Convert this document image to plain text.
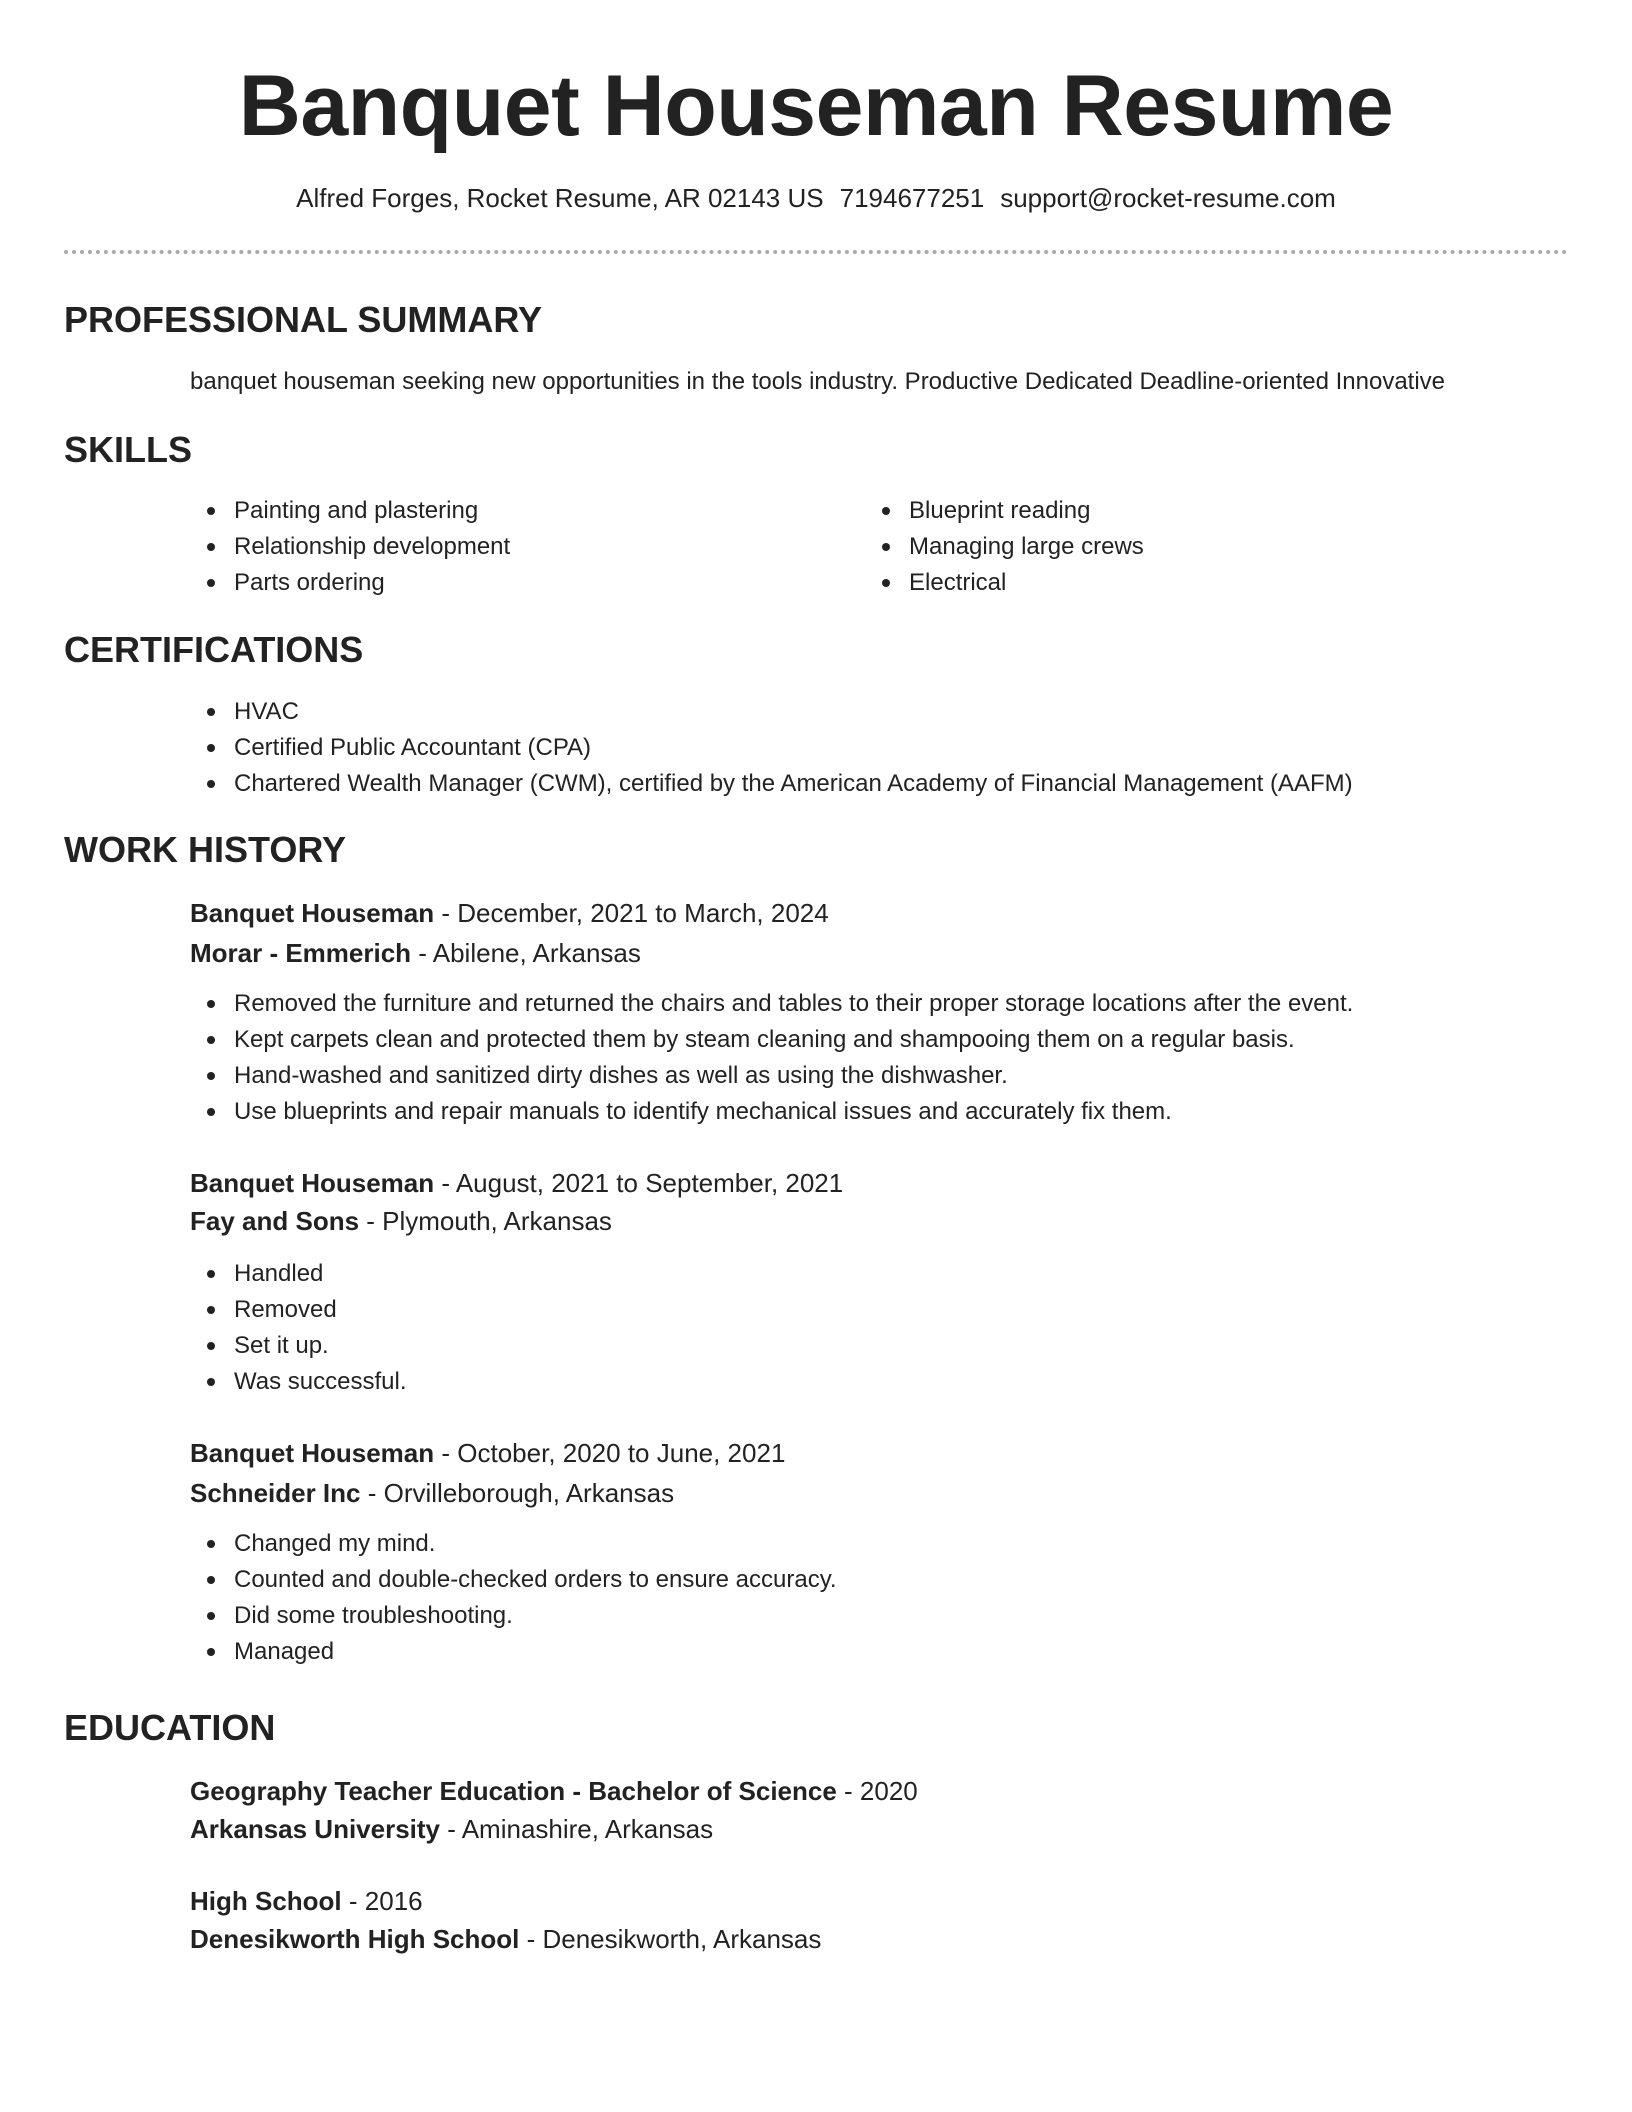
Banquet Houseman Resume
Alfred Forges, Rocket Resume, AR 02143 US 7194677251 support@rocket-resume.com
PROFESSIONAL SUMMARY

banquet houseman seeking new opportunities in the tools industry. Productive Dedicated Deadline-oriented Innovative

SKILLS
Painting and plastering
Relationship development
Parts ordering
Blueprint reading
Managing large crews
Electrical
CERTIFICATIONS
HVAC
Certified Public Accountant (CPA)
Chartered Wealth Manager (CWM), certified by the American Academy of Financial Management (AAFM)
WORK HISTORY
Banquet Houseman - December, 2021 to March, 2024
Morar - Emmerich - Abilene, Arkansas
Removed the furniture and returned the chairs and tables to their proper storage locations after the event.
Kept carpets clean and protected them by steam cleaning and shampooing them on a regular basis.
Hand-washed and sanitized dirty dishes as well as using the dishwasher.
Use blueprints and repair manuals to identify mechanical issues and accurately fix them.
Banquet Houseman - August, 2021 to September, 2021
Fay and Sons - Plymouth, Arkansas
Handled
Removed
Set it up.
Was successful.
Banquet Houseman - October, 2020 to June, 2021
Schneider Inc - Orvilleborough, Arkansas
Changed my mind.
Counted and double-checked orders to ensure accuracy.
Did some troubleshooting.
Managed
EDUCATION
Geography Teacher Education - Bachelor of Science - 2020
Arkansas University - Aminashire, Arkansas
High School - 2016
Denesikworth High School - Denesikworth, Arkansas
